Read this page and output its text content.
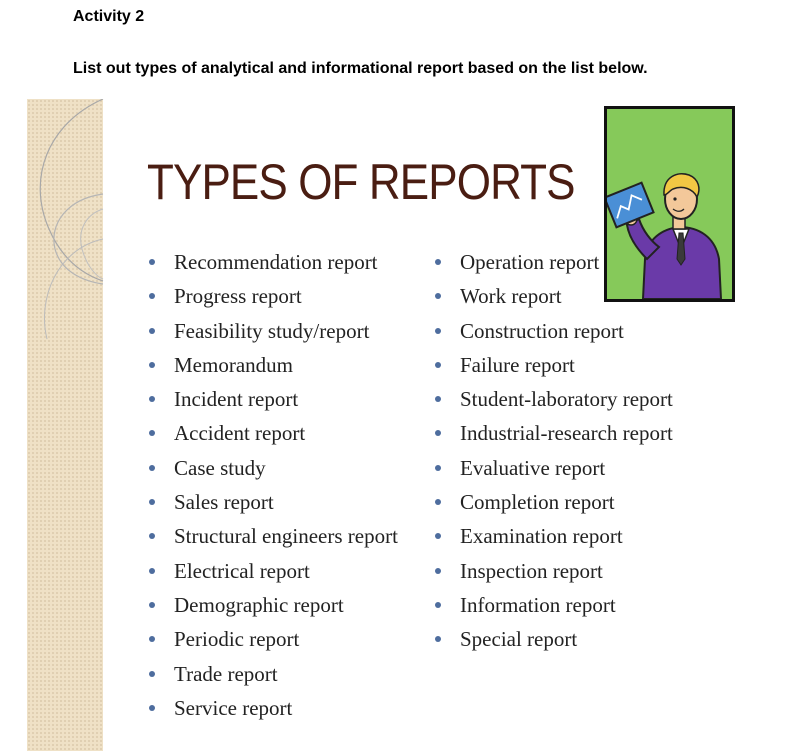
Activity 2
List out types of analytical and informational report based on the list below.
TYPES OF REPORTS
Recommendation report
Progress report
Feasibility study/report
Memorandum
Incident report
Accident report
Case study
Sales report
Structural engineers report
Electrical report
Demographic report
Periodic report
Trade report
Service report
Operation report
Work report
Construction report
Failure report
Student-laboratory report
Industrial-research report
Evaluative report
Completion report
Examination report
Inspection report
Information report
Special report
